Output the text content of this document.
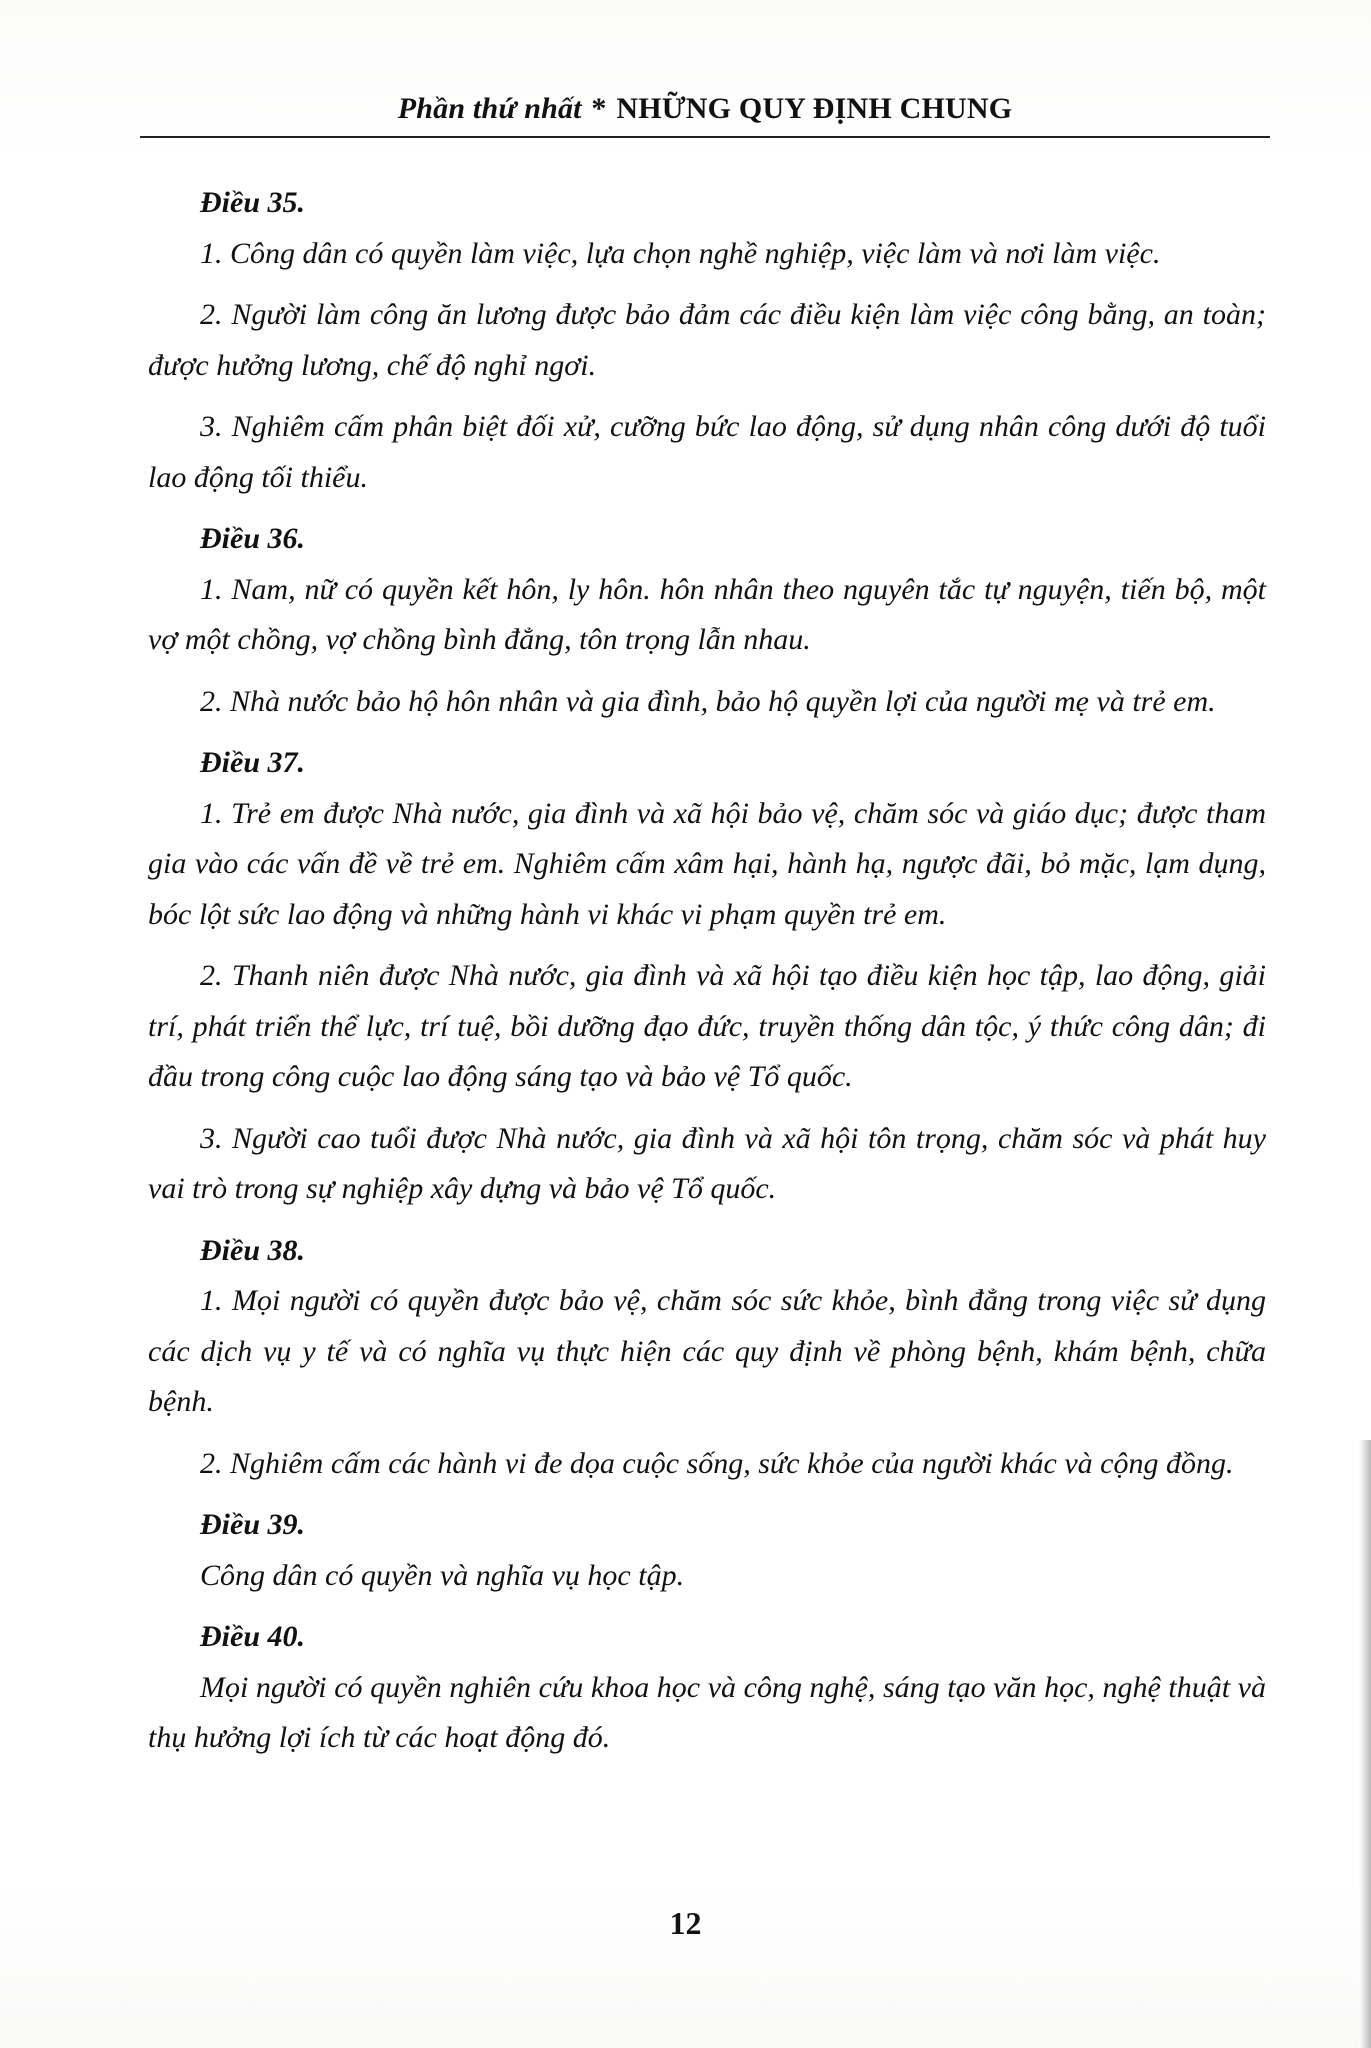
Phần thứ nhất * NHỮNG QUY ĐỊNH CHUNG

Điều 35.

1. Công dân có quyền làm việc, lựa chọn nghề nghiệp, việc làm và nơi làm việc.

2. Người làm công ăn lương được bảo đảm các điều kiện làm việc công bằng, an toàn; được hưởng lương, chế độ nghỉ ngơi.

3. Nghiêm cấm phân biệt đối xử, cưỡng bức lao động, sử dụng nhân công dưới độ tuổi lao động tối thiểu.

Điều 36.

1. Nam, nữ có quyền kết hôn, ly hôn. hôn nhân theo nguyên tắc tự nguyện, tiến bộ, một vợ một chồng, vợ chồng bình đẳng, tôn trọng lẫn nhau.

2. Nhà nước bảo hộ hôn nhân và gia đình, bảo hộ quyền lợi của người mẹ và trẻ em.

Điều 37.

1. Trẻ em được Nhà nước, gia đình và xã hội bảo vệ, chăm sóc và giáo dục; được tham gia vào các vấn đề về trẻ em. Nghiêm cấm xâm hại, hành hạ, ngược đãi, bỏ mặc, lạm dụng, bóc lột sức lao động và những hành vi khác vi phạm quyền trẻ em.

2. Thanh niên được Nhà nước, gia đình và xã hội tạo điều kiện học tập, lao động, giải trí, phát triển thể lực, trí tuệ, bồi dưỡng đạo đức, truyền thống dân tộc, ý thức công dân; đi đầu trong công cuộc lao động sáng tạo và bảo vệ Tổ quốc.

3. Người cao tuổi được Nhà nước, gia đình và xã hội tôn trọng, chăm sóc và phát huy vai trò trong sự nghiệp xây dựng và bảo vệ Tổ quốc.

Điều 38.

1. Mọi người có quyền được bảo vệ, chăm sóc sức khỏe, bình đẳng trong việc sử dụng các dịch vụ y tế và có nghĩa vụ thực hiện các quy định về phòng bệnh, khám bệnh, chữa bệnh.

2. Nghiêm cấm các hành vi đe dọa cuộc sống, sức khỏe của người khác và cộng đồng.

Điều 39.

Công dân có quyền và nghĩa vụ học tập.

Điều 40.

Mọi người có quyền nghiên cứu khoa học và công nghệ, sáng tạo văn học, nghệ thuật và thụ hưởng lợi ích từ các hoạt động đó.

12
